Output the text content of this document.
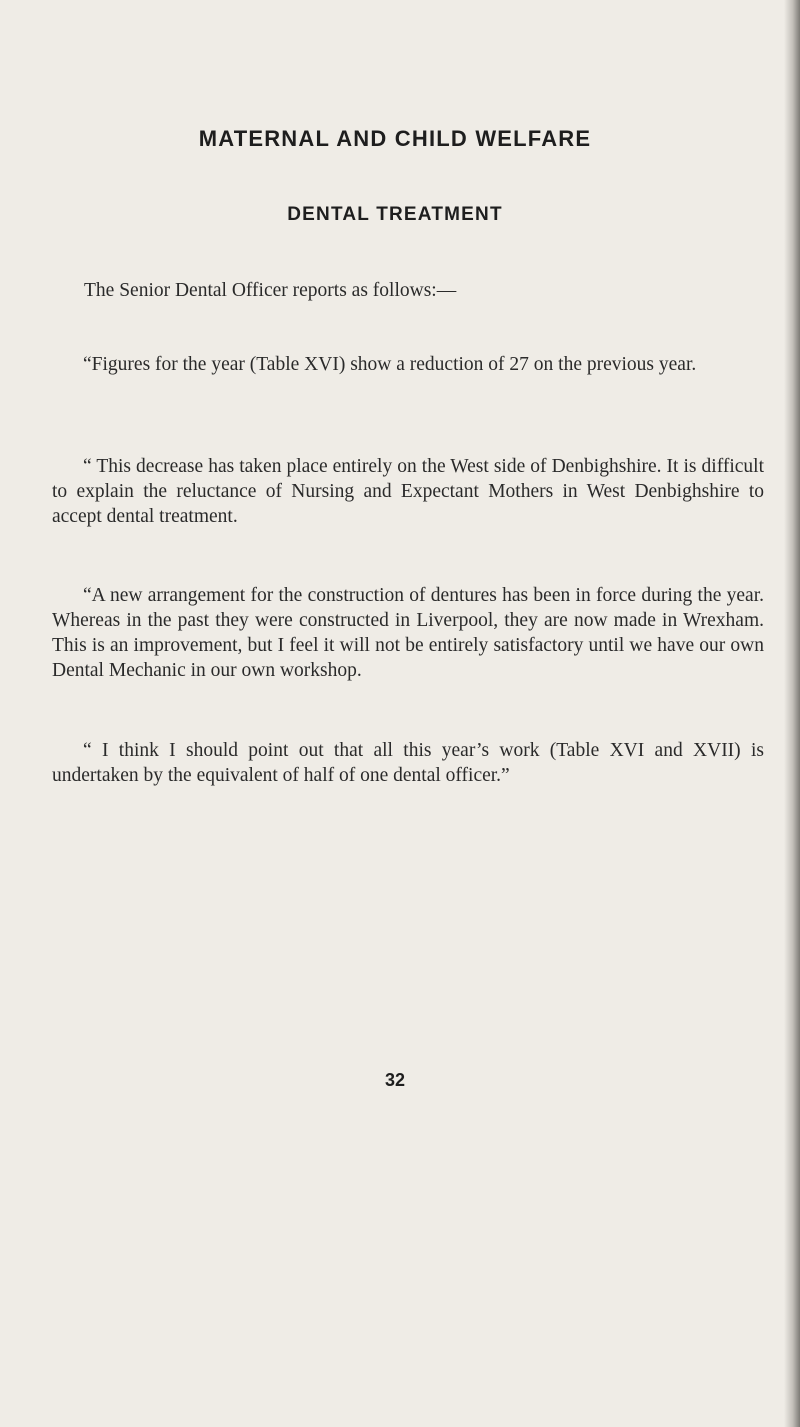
MATERNAL AND CHILD WELFARE
DENTAL TREATMENT

The Senior Dental Officer reports as follows:—

“Figures for the year (Table XVI) show a reduction of 27 on the previous year.

“ This decrease has taken place entirely on the West side of Denbighshire. It is difficult to explain the reluctance of Nursing and Expectant Mothers in West Denbighshire to accept dental treatment.

“A new arrangement for the construction of dentures has been in force during the year. Whereas in the past they were constructed in Liverpool, they are now made in Wrexham. This is an improvement, but I feel it will not be entirely satisfactory until we have our own Dental Mechanic in our own workshop.

“ I think I should point out that all this year’s work (Table XVI and XVII) is undertaken by the equivalent of half of one dental officer.”

32
